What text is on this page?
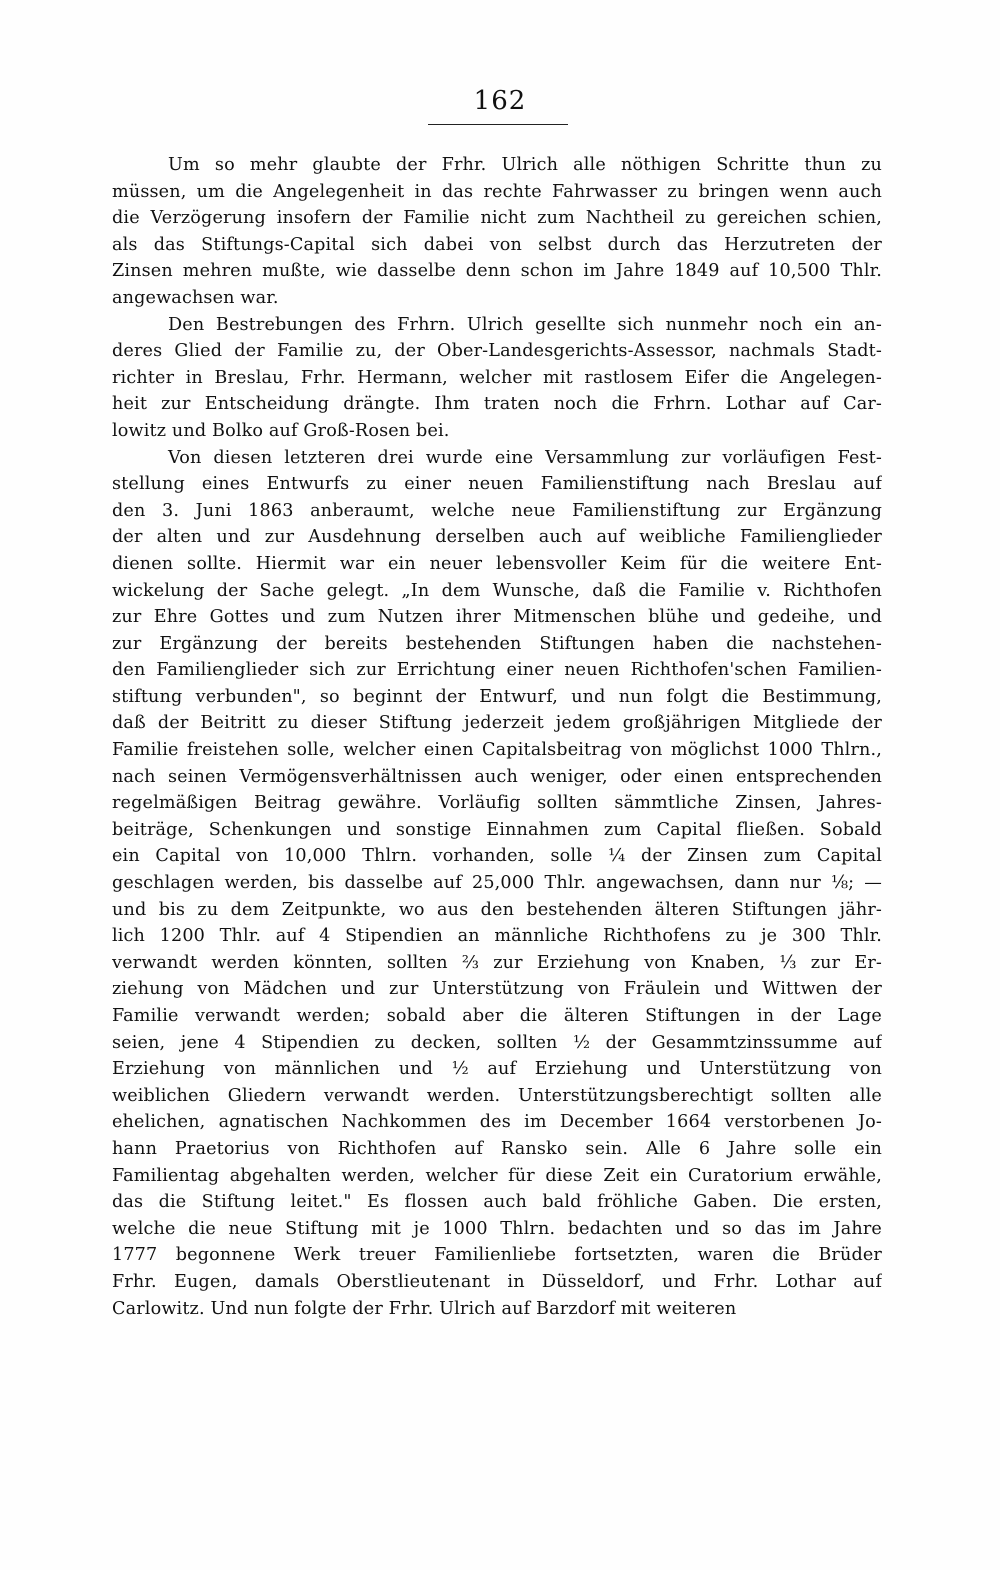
162

Um so mehr glaubte der Frhr. Ulrich alle nöthigen Schritte thun zu

müssen, um die Angelegenheit in das rechte Fahrwasser zu bringen wenn auch

die Verzögerung insofern der Familie nicht zum Nachtheil zu gereichen schien,

als das Stiftungs-Capital sich dabei von selbst durch das Herzutreten der

Zinsen mehren mußte, wie dasselbe denn schon im Jahre 1849 auf 10,500 Thlr.

angewachsen war.

Den Bestrebungen des Frhrn. Ulrich gesellte sich nunmehr noch ein an-

deres Glied der Familie zu, der Ober-Landesgerichts-Assessor, nachmals Stadt-

richter in Breslau, Frhr. Hermann, welcher mit rastlosem Eifer die Angelegen-

heit zur Entscheidung drängte. Ihm traten noch die Frhrn. Lothar auf Car-

lowitz und Bolko auf Groß-Rosen bei.

Von diesen letzteren drei wurde eine Versammlung zur vorläufigen Fest-

stellung eines Entwurfs zu einer neuen Familienstiftung nach Breslau auf

den 3. Juni 1863 anberaumt, welche neue Familienstiftung zur Ergänzung

der alten und zur Ausdehnung derselben auch auf weibliche Familienglieder

dienen sollte. Hiermit war ein neuer lebensvoller Keim für die weitere Ent-

wickelung der Sache gelegt. „In dem Wunsche, daß die Familie v. Richthofen

zur Ehre Gottes und zum Nutzen ihrer Mitmenschen blühe und gedeihe, und

zur Ergänzung der bereits bestehenden Stiftungen haben die nachstehen-

den Familienglieder sich zur Errichtung einer neuen Richthofen'schen Familien-

stiftung verbunden", so beginnt der Entwurf, und nun folgt die Bestimmung,

daß der Beitritt zu dieser Stiftung jederzeit jedem großjährigen Mitgliede der

Familie freistehen solle, welcher einen Capitalsbeitrag von möglichst 1000 Thlrn.,

nach seinen Vermögensverhältnissen auch weniger, oder einen entsprechenden

regelmäßigen Beitrag gewähre. Vorläufig sollten sämmtliche Zinsen, Jahres-

beiträge, Schenkungen und sonstige Einnahmen zum Capital fließen. Sobald

ein Capital von 10,000 Thlrn. vorhanden, solle ¼ der Zinsen zum Capital

geschlagen werden, bis dasselbe auf 25,000 Thlr. angewachsen, dann nur ⅛; —

und bis zu dem Zeitpunkte, wo aus den bestehenden älteren Stiftungen jähr-

lich 1200 Thlr. auf 4 Stipendien an männliche Richthofens zu je 300 Thlr.

verwandt werden könnten, sollten ⅔ zur Erziehung von Knaben, ⅓ zur Er-

ziehung von Mädchen und zur Unterstützung von Fräulein und Wittwen der

Familie verwandt werden; sobald aber die älteren Stiftungen in der Lage

seien, jene 4 Stipendien zu decken, sollten ½ der Gesammtzinssumme auf

Erziehung von männlichen und ½ auf Erziehung und Unterstützung von

weiblichen Gliedern verwandt werden. Unterstützungsberechtigt sollten alle

ehelichen, agnatischen Nachkommen des im December 1664 verstorbenen Jo-

hann Praetorius von Richthofen auf Ransko sein. Alle 6 Jahre solle ein

Familientag abgehalten werden, welcher für diese Zeit ein Curatorium erwähle,

das die Stiftung leitet." Es flossen auch bald fröhliche Gaben. Die ersten,

welche die neue Stiftung mit je 1000 Thlrn. bedachten und so das im Jahre

1777 begonnene Werk treuer Familienliebe fortsetzten, waren die Brüder

Frhr. Eugen, damals Oberstlieutenant in Düsseldorf, und Frhr. Lothar auf

Carlowitz. Und nun folgte der Frhr. Ulrich auf Barzdorf mit weiteren
